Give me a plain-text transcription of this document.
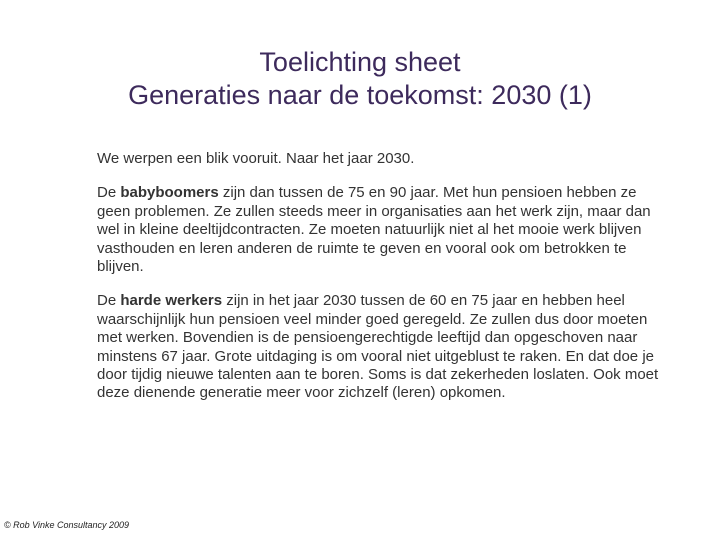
Toelichting sheet
Generaties naar de toekomst: 2030 (1)

We werpen een blik vooruit. Naar het jaar 2030.

De babyboomers zijn dan tussen de 75 en 90 jaar. Met hun pensioen hebben ze geen problemen. Ze zullen steeds meer in organisaties aan het werk zijn, maar dan wel in kleine deeltijdcontracten. Ze moeten natuurlijk niet al het mooie werk blijven vasthouden en leren anderen de ruimte te geven en vooral ook om betrokken te blijven.

De harde werkers zijn in het jaar 2030 tussen de 60 en 75 jaar en hebben heel waarschijnlijk hun pensioen veel minder goed geregeld. Ze zullen dus door moeten met werken. Bovendien is de pensioengerechtigde leeftijd dan opgeschoven naar minstens 67 jaar. Grote uitdaging is om vooral niet uitgeblust te raken. En dat doe je door tijdig nieuwe talenten aan te boren. Soms is dat zekerheden loslaten. Ook moet deze dienende generatie meer voor zichzelf (leren) opkomen.

© Rob Vinke Consultancy 2009
